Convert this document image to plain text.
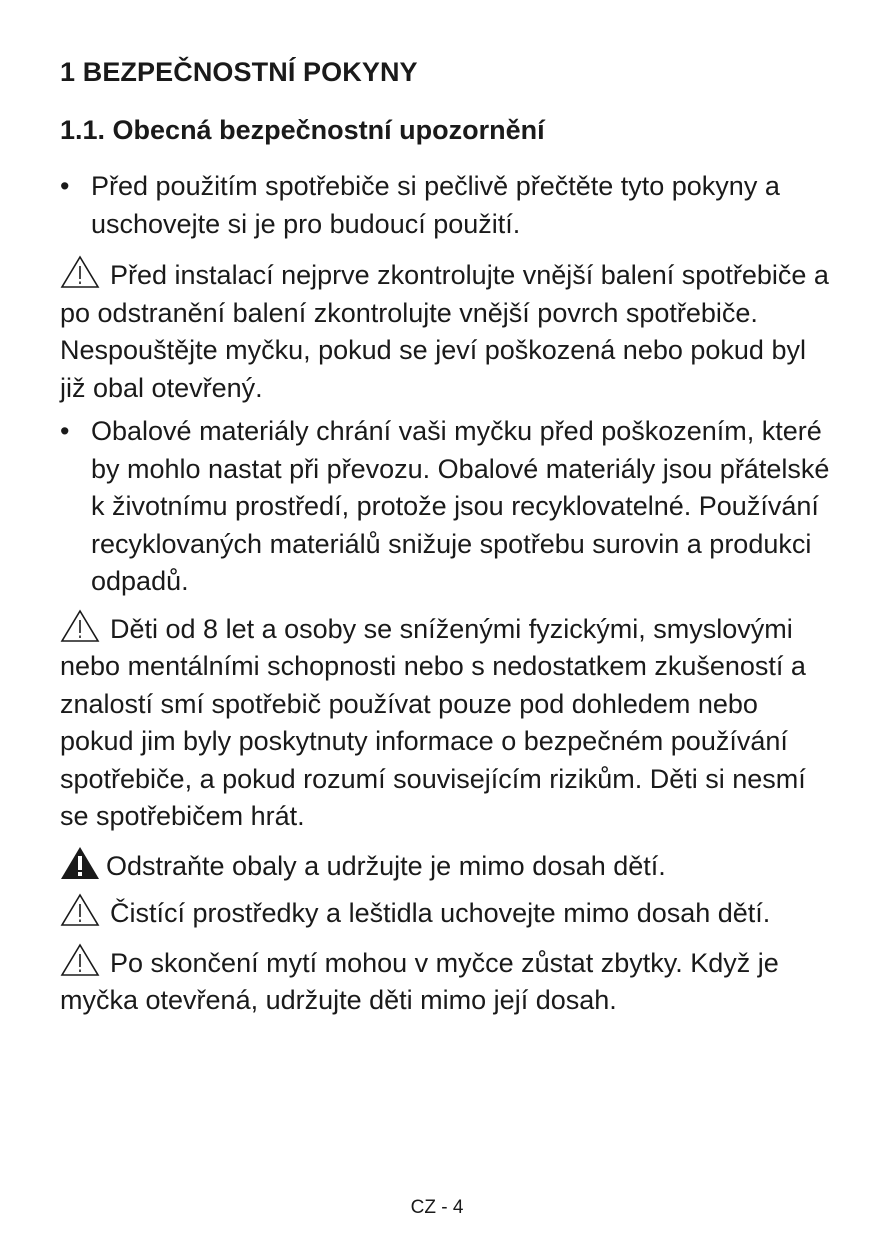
1 BEZPEČNOSTNÍ POKYNY
1.1. Obecná bezpečnostní upozornění

• Před použitím spotřebiče si pečlivě přečtěte tyto pokyny a uschovejte si je pro budoucí použití.

Před instalací nejprve zkontrolujte vnější balení spotřebiče a po odstranění balení zkontrolujte vnější povrch spotřebiče. Nespouštějte myčku, pokud se jeví poškozená nebo pokud byl již obal otevřený.

• Obalové materiály chrání vaši myčku před poškozením, které by mohlo nastat při převozu. Obalové materiály jsou přátelské k životnímu prostředí, protože jsou recyklovatelné. Používání recyklovaných materiálů snižuje spotřebu surovin a produkci odpadů.

Děti od 8 let a osoby se sníženými fyzickými, smyslovými nebo mentálními schopnosti nebo s nedostatkem zkušeností a znalostí smí spotřebič používat pouze pod dohledem nebo pokud jim byly poskytnuty informace o bezpečném používání spotřebiče, a pokud rozumí souvisejícím rizikům. Děti si nesmí se spotřebičem hrát.

Odstraňte obaly a udržujte je mimo dosah dětí.

Čistící prostředky a leštidla uchovejte mimo dosah dětí.

Po skončení mytí mohou v myčce zůstat zbytky. Když je myčka otevřená, udržujte děti mimo její dosah.

CZ - 4
